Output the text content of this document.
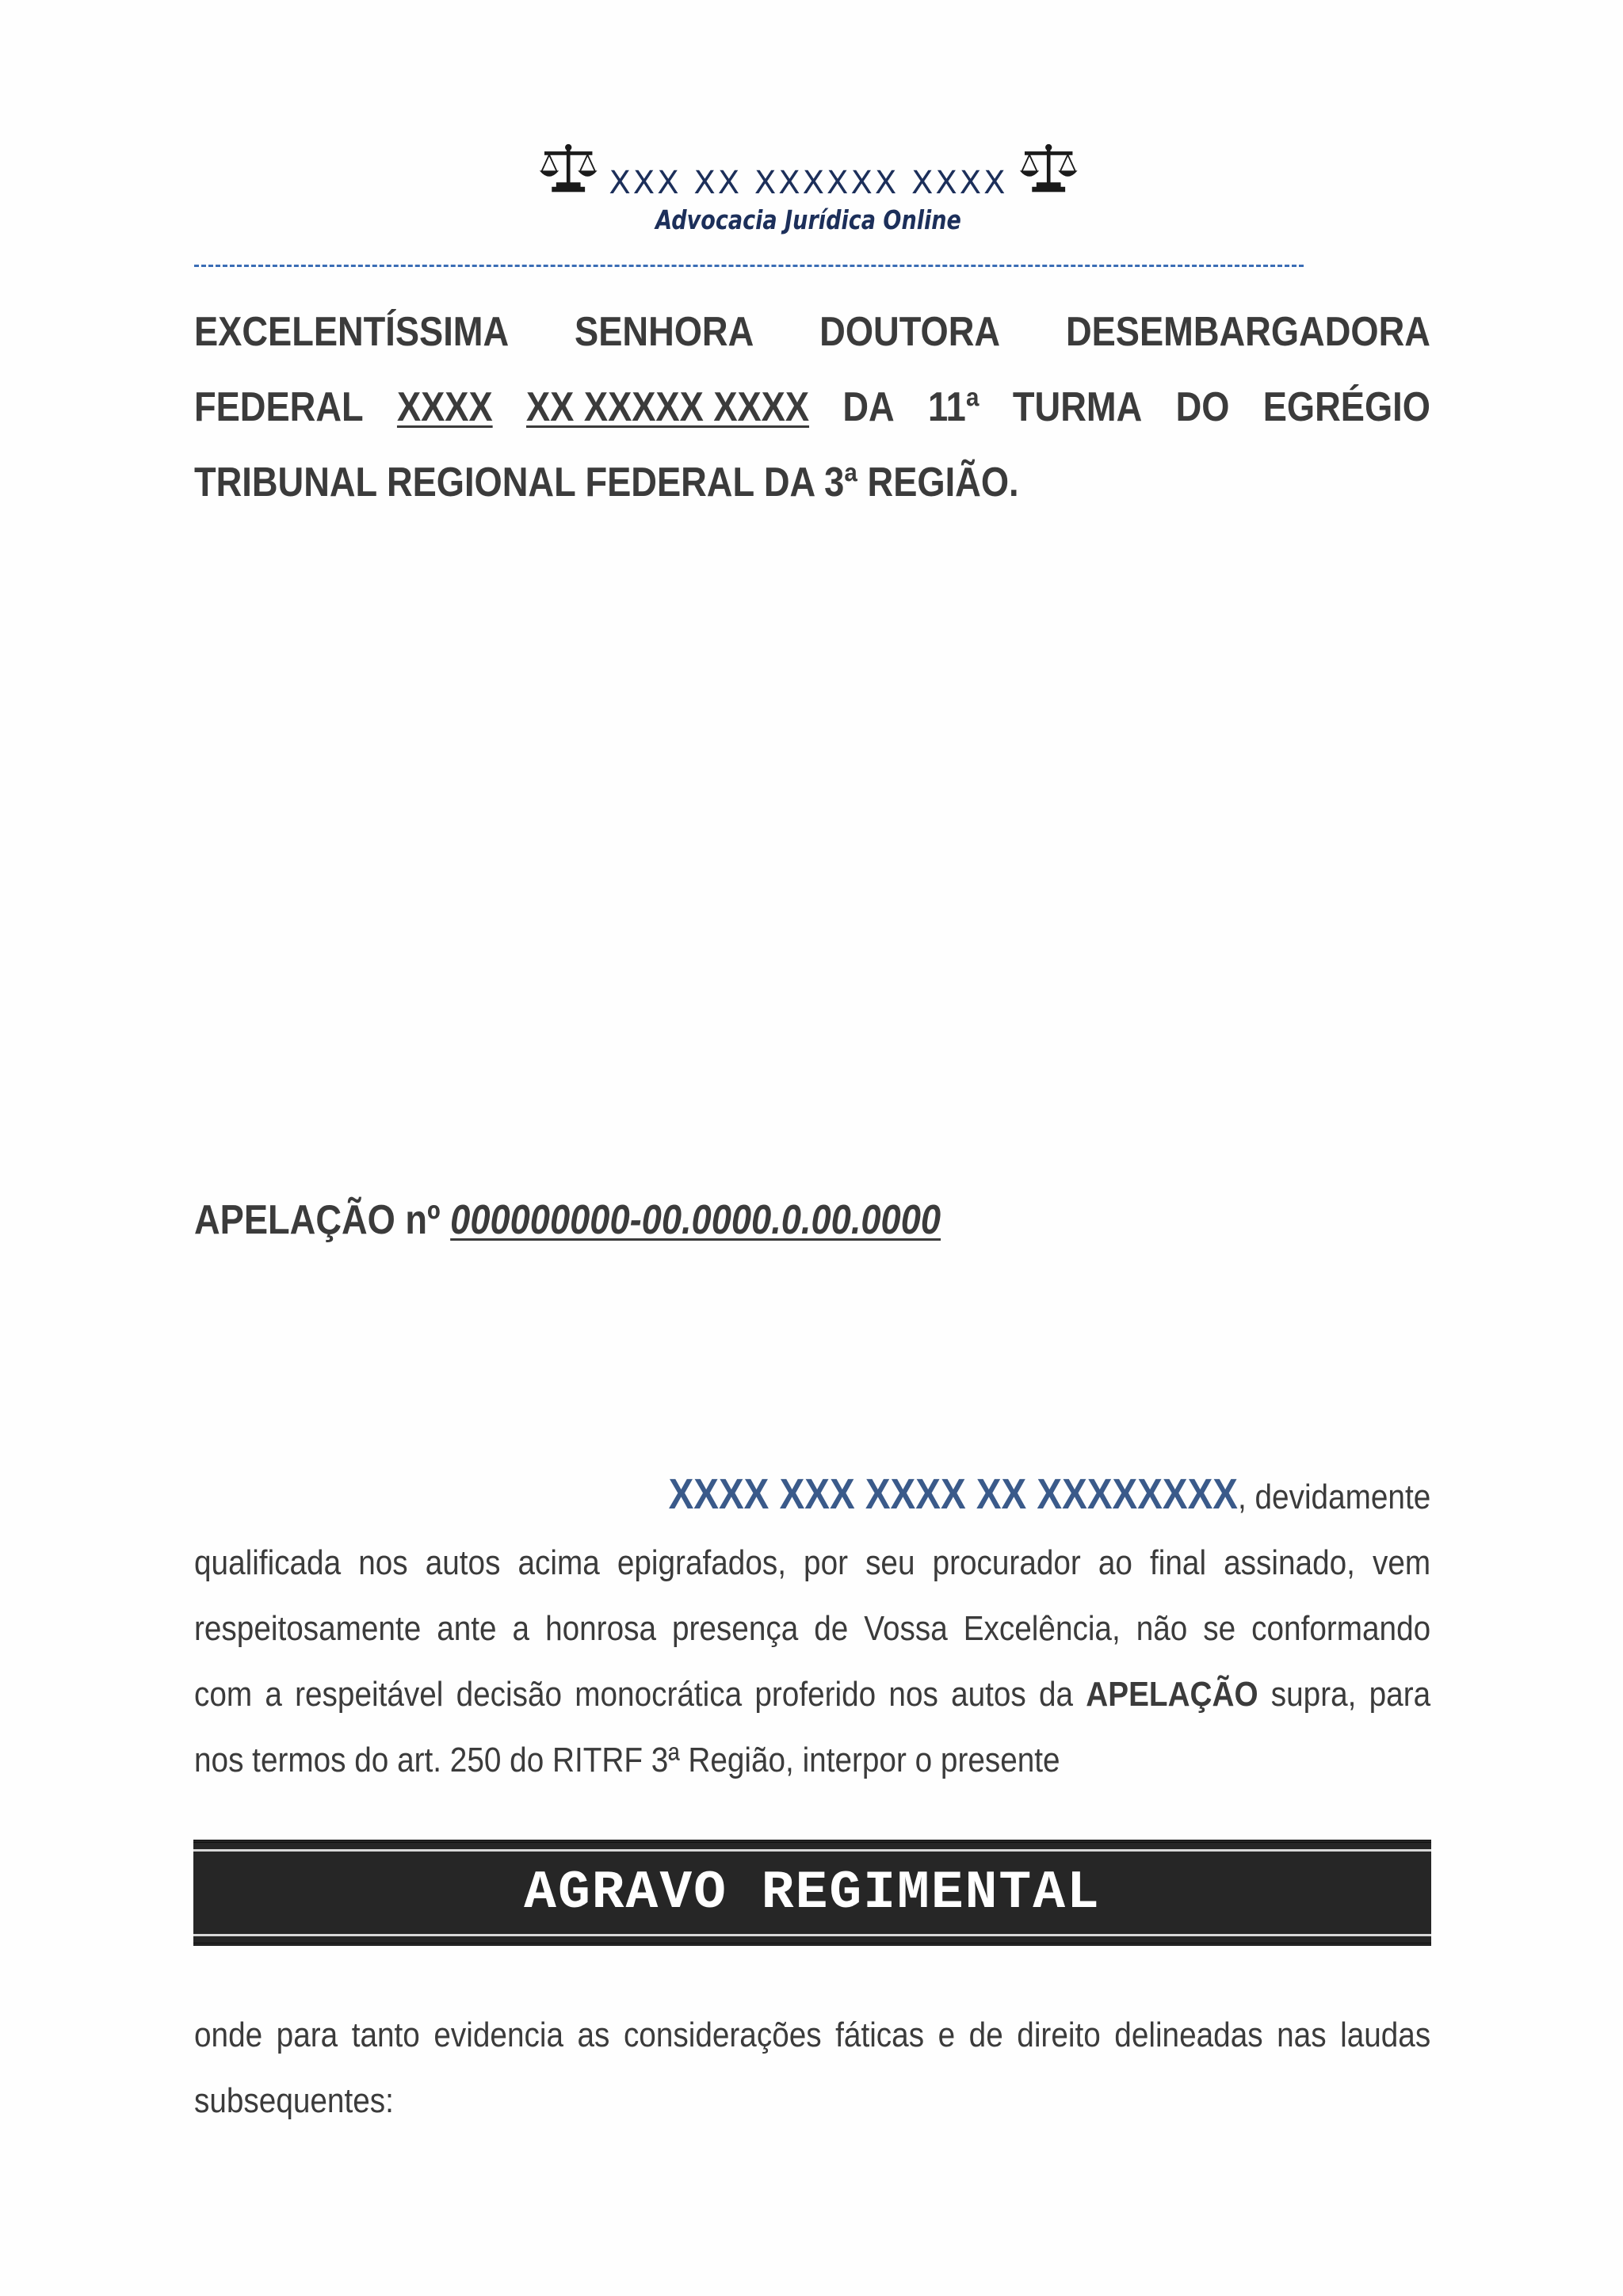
XXX XX XXXXXX XXXX
Advocacia Jurídica Online
EXCELENTÍSSIMA SENHORA DOUTORA DESEMBARGADORA
FEDERAL XXXX XX XXXXX XXXX DA 11ª TURMA DO EGRÉGIO
TRIBUNAL REGIONAL FEDERAL DA 3ª REGIÃO.
APELAÇÃO nº 000000000-00.0000.0.00.0000
XXXX XXX XXXX XX XXXXXXXX , devidamente
qualificada nos autos acima epigrafados, por seu procurador ao final assinado, vem
respeitosamente ante a honrosa presença de Vossa Excelência, não se conformando
com a respeitável decisão monocrática proferido nos autos da APELAÇÃO supra, para
nos termos do art. 250 do RITRF 3ª Região, interpor o presente
AGRAVO REGIMENTAL
onde para tanto evidencia as considerações fáticas e de direito delineadas nas laudas
subsequentes:
